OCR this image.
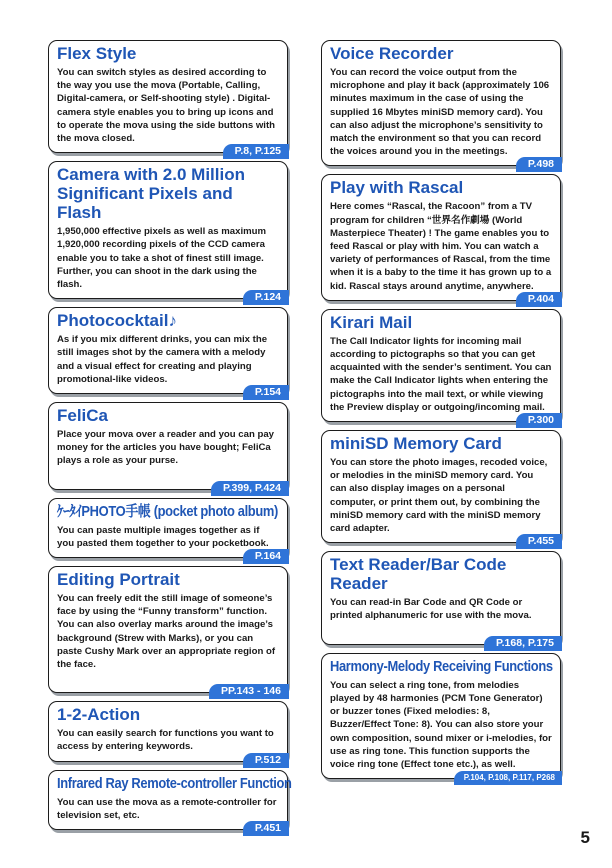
Flex Style

You can switch styles as desired according to the way you use the mova (Portable, Calling, Digital-camera, or Self-shooting style) . Digital-camera style enables you to bring up icons and to operate the mova using the side buttons with the mova closed.

P.8, P.125
Camera with 2.0 Million Significant Pixels and Flash

1,950,000 effective pixels as well as maximum 1,920,000 recording pixels of the CCD camera enable you to take a shot of finest still image. Further, you can shoot in the dark using the flash.

P.124
Photococktail♪

As if you mix different drinks, you can mix the still images shot by the camera with a melody and a visual effect for creating and playing promotional-like videos.

P.154
FeliCa

Place your mova over a reader and you can pay money for the articles you have bought; FeliCa plays a role as your purse.

P.399, P.424
ｹｰﾀｲPHOTO手帳 (pocket photo album)

You can paste multiple images together as if you pasted them together to your pocketbook.

P.164
Editing Portrait

You can freely edit the still image of someone’s face by using the “Funny transform” function. You can also overlay marks around the image’s background (Strew with Marks), or you can paste Cushy Mark over an appropriate region of the face.

PP.143 - 146
1-2-Action

You can easily search for functions you want to access by entering keywords.

P.512
Infrared Ray Remote-controller Function

You can use the mova as a remote-controller for television set, etc.

P.451
Voice Recorder

You can record the voice output from the microphone and play it back (approximately 106 minutes maximum in the case of using the supplied 16 Mbytes miniSD memory card). You can also adjust the microphone’s sensitivity to match the environment so that you can record the voices around you in the meetings.

P.498
Play with Rascal

Here comes “Rascal, the Racoon” from a TV program for children “世界名作劇場 (World Masterpiece Theater) ! The game enables you to feed Rascal or play with him. You can watch a variety of performances of Rascal, from the time when it is a baby to the time it has grown up to a kid. Rascal stays around anytime, anywhere.

P.404
Kirari Mail

The Call Indicator lights for incoming mail according to pictographs so that you can get acquainted with the sender’s sentiment. You can make the Call Indicator lights when entering the pictographs into the mail text, or while viewing the Preview display or outgoing/incoming mail.

P.300
miniSD Memory Card

You can store the photo images, recoded voice, or melodies in the miniSD memory card. You can also display images on a personal computer, or print them out, by combining the miniSD memory card with the miniSD memory card adapter.

P.455
Text Reader/Bar Code Reader

You can read-in Bar Code and QR Code or printed alphanumeric for use with the mova.

P.168, P.175
Harmony-Melody Receiving Functions

You can select a ring tone, from melodies played by 48 harmonies (PCM Tone Generator) or buzzer tones (Fixed melodies: 8, Buzzer/Effect Tone: 8). You can also store your own composition, sound mixer or i-melodies, for use as ring tone. This function supports the voice ring tone (Effect tone etc.), as well.

P.104, P.108, P.117, P268
5
